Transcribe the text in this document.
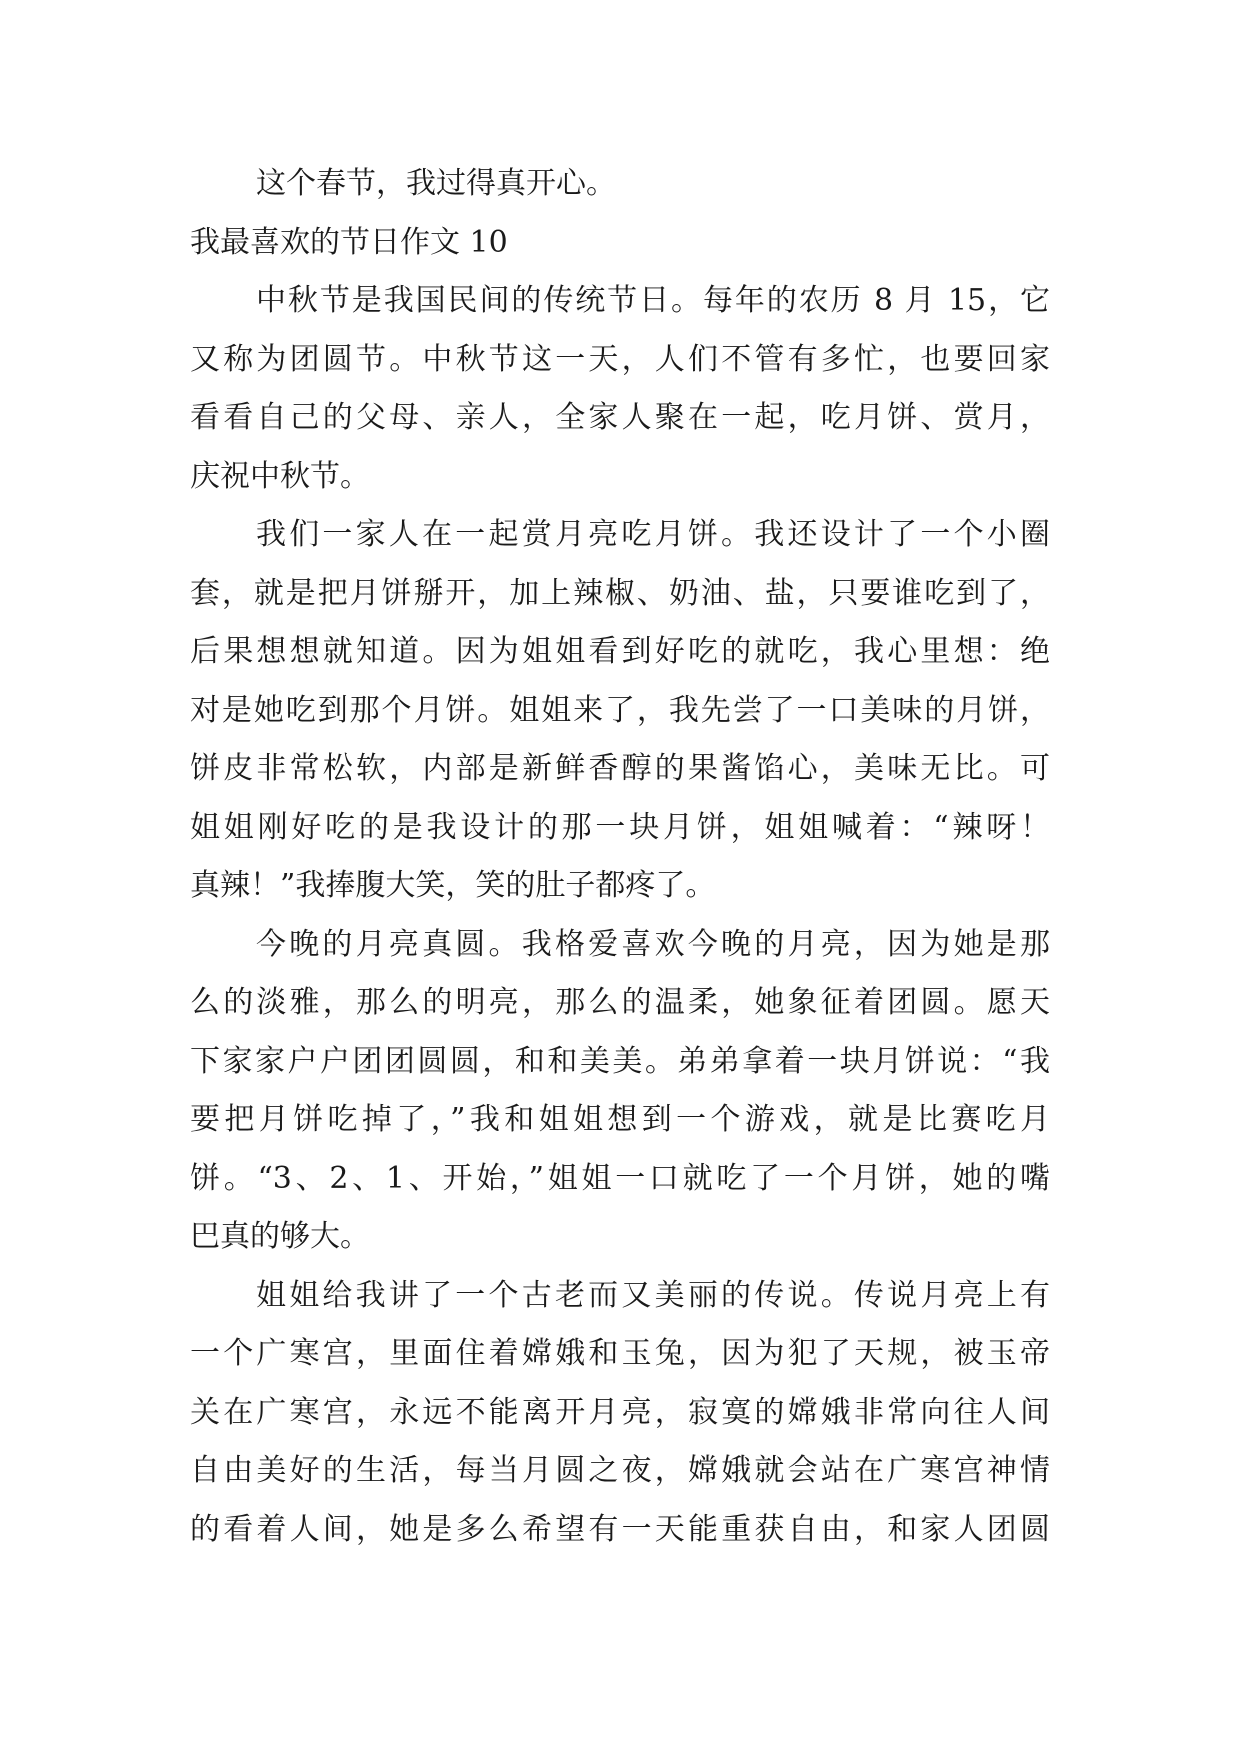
这个春节，我过得真开心。
我最喜欢的节日作文 10
中秋节是我国民间的传统节日。每年的农历 8 月 15，它
又称为团圆节。中秋节这一天，人们不管有多忙，也要回家
看看自己的父母、亲人，全家人聚在一起，吃月饼、赏月，
庆祝中秋节。
我们一家人在一起赏月亮吃月饼。我还设计了一个小圈
套，就是把月饼掰开，加上辣椒、奶油、盐，只要谁吃到了，
后果想想就知道。因为姐姐看到好吃的就吃，我心里想：绝
对是她吃到那个月饼。姐姐来了，我先尝了一口美味的月饼，
饼皮非常松软，内部是新鲜香醇的果酱馅心，美味无比。可
姐姐刚好吃的是我设计的那一块月饼，姐姐喊着：“辣呀！
真辣！”我捧腹大笑，笑的肚子都疼了。
今晚的月亮真圆。我格爱喜欢今晚的月亮，因为她是那
么的淡雅，那么的明亮，那么的温柔，她象征着团圆。愿天
下家家户户团团圆圆，和和美美。弟弟拿着一块月饼说：“我
要把月饼吃掉了，”我和姐姐想到一个游戏，就是比赛吃月
饼。“3、2、1、开始，”姐姐一口就吃了一个月饼，她的嘴
巴真的够大。
姐姐给我讲了一个古老而又美丽的传说。传说月亮上有
一个广寒宫，里面住着嫦娥和玉兔，因为犯了天规，被玉帝
关在广寒宫，永远不能离开月亮，寂寞的嫦娥非常向往人间
自由美好的生活，每当月圆之夜，嫦娥就会站在广寒宫神情
的看着人间，她是多么希望有一天能重获自由，和家人团圆
